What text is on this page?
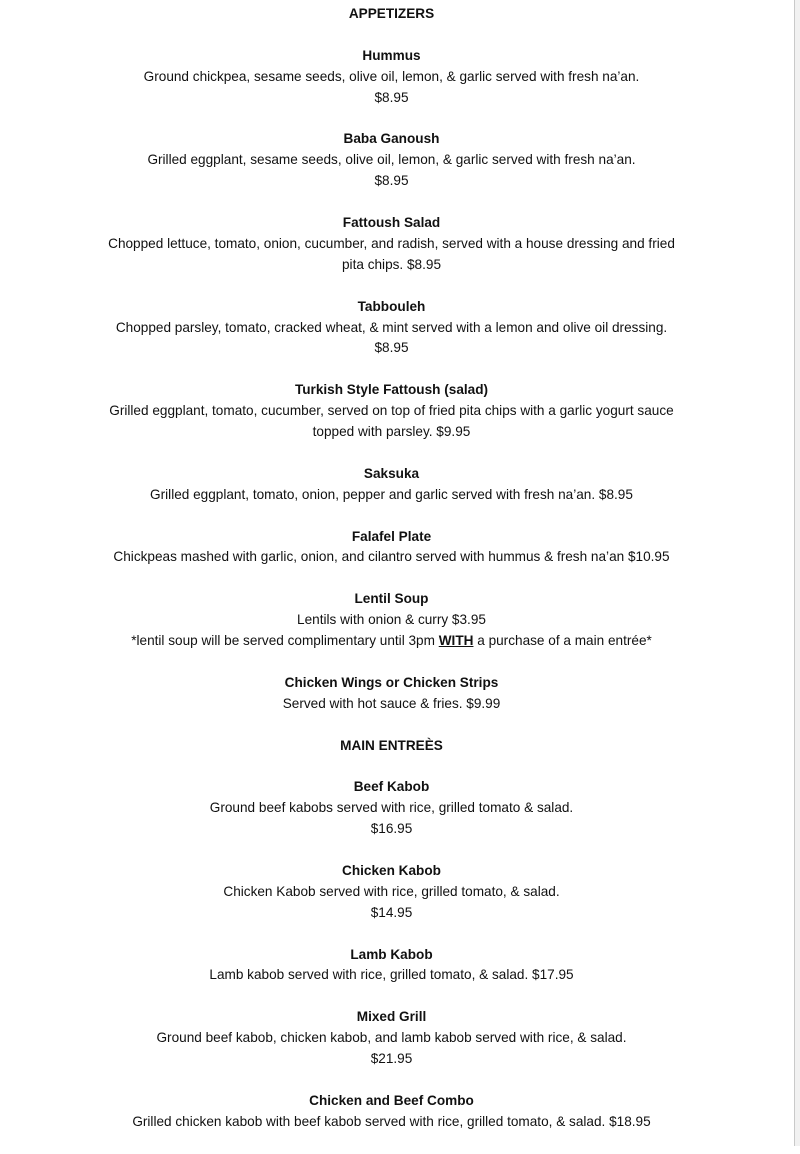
APPETIZERS
Hummus
Ground chickpea, sesame seeds, olive oil, lemon, & garlic served with fresh na’an.
$8.95
Baba Ganoush
Grilled eggplant, sesame seeds, olive oil, lemon, & garlic served with fresh na’an.
$8.95
Fattoush Salad
Chopped lettuce, tomato, onion, cucumber, and radish, served with a house dressing and fried
pita chips. $8.95
Tabbouleh
Chopped parsley, tomato, cracked wheat, & mint served with a lemon and olive oil dressing.
$8.95
Turkish Style Fattoush (salad)
Grilled eggplant, tomato, cucumber, served on top of fried pita chips with a garlic yogurt sauce
topped with parsley. $9.95
Saksuka
Grilled eggplant, tomato, onion, pepper and garlic served with fresh na’an. $8.95
Falafel Plate
Chickpeas mashed with garlic, onion, and cilantro served with hummus & fresh na’an $10.95
Lentil Soup
Lentils with onion & curry $3.95
*lentil soup will be served complimentary until 3pm WITH a purchase of a main entrée*
Chicken Wings or Chicken Strips
Served with hot sauce & fries. $9.99
MAIN ENTREÈS
Beef Kabob
Ground beef kabobs served with rice, grilled tomato & salad.
$16.95
Chicken Kabob
Chicken Kabob served with rice, grilled tomato, & salad.
$14.95
Lamb Kabob
Lamb kabob served with rice, grilled tomato, & salad. $17.95
Mixed Grill
Ground beef kabob, chicken kabob, and lamb kabob served with rice, & salad.
$21.95
Chicken and Beef Combo
Grilled chicken kabob with beef kabob served with rice, grilled tomato, & salad. $18.95
